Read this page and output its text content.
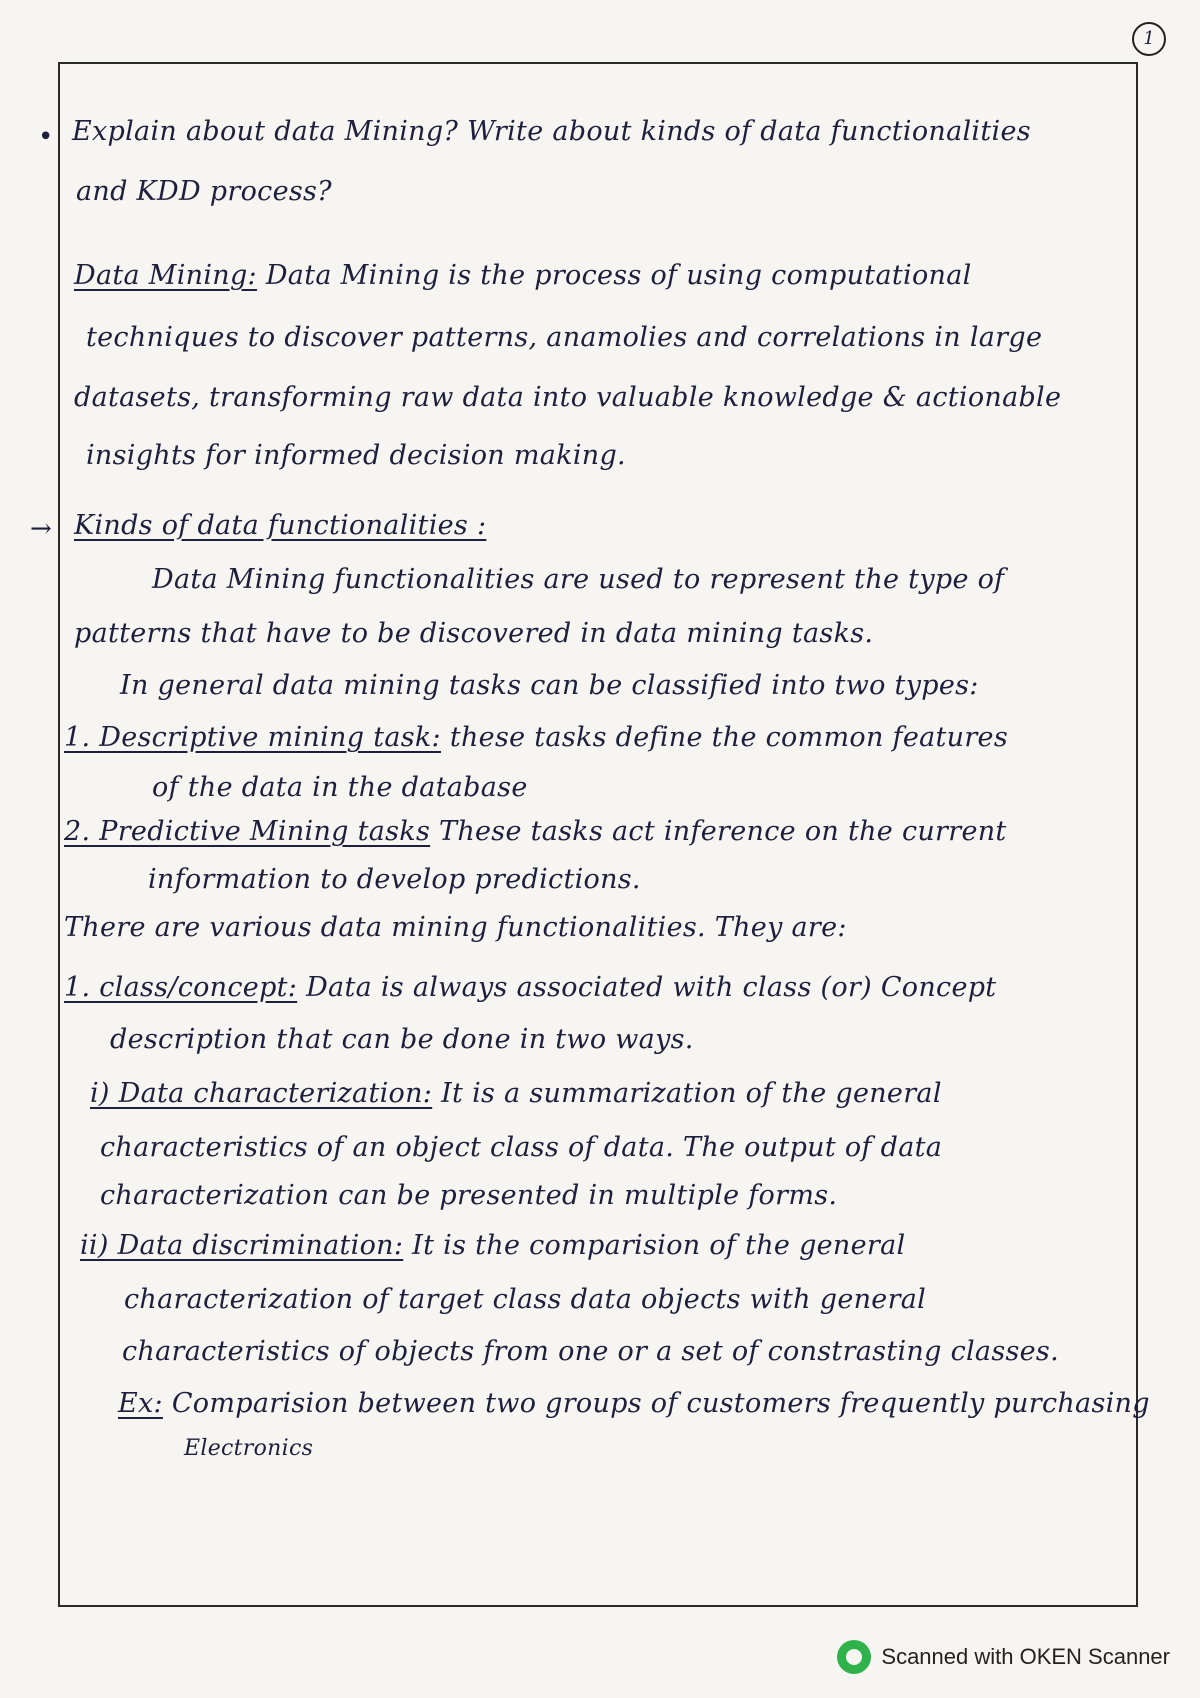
1
• Explain about data Mining? Write about kinds of data functionalities
and KDD process?
Data Mining: Data Mining is the process of using computational
techniques to discover patterns, anamolies and correlations in large
datasets, transforming raw data into valuable knowledge & actionable
insights for informed decision making.
→ Kinds of data functionalities :
Data Mining functionalities are used to represent the type of
patterns that have to be discovered in data mining tasks.
In general data mining tasks can be classified into two types:
1. Descriptive mining task: these tasks define the common features
of the data in the database
2. Predictive Mining tasks These tasks act inference on the current
information to develop predictions.
There are various data mining functionalities. They are:
1. class/concept: Data is always associated with class (or) Concept
description that can be done in two ways.
i) Data characterization: It is a summarization of the general
characteristics of an object class of data. The output of data
characterization can be presented in multiple forms.
ii) Data discrimination: It is the comparision of the general
characterization of target class data objects with general
characteristics of objects from one or a set of constrasting classes.
Ex: Comparision between two groups of customers frequently purchasing
Electronics
Scanned with OKEN Scanner
